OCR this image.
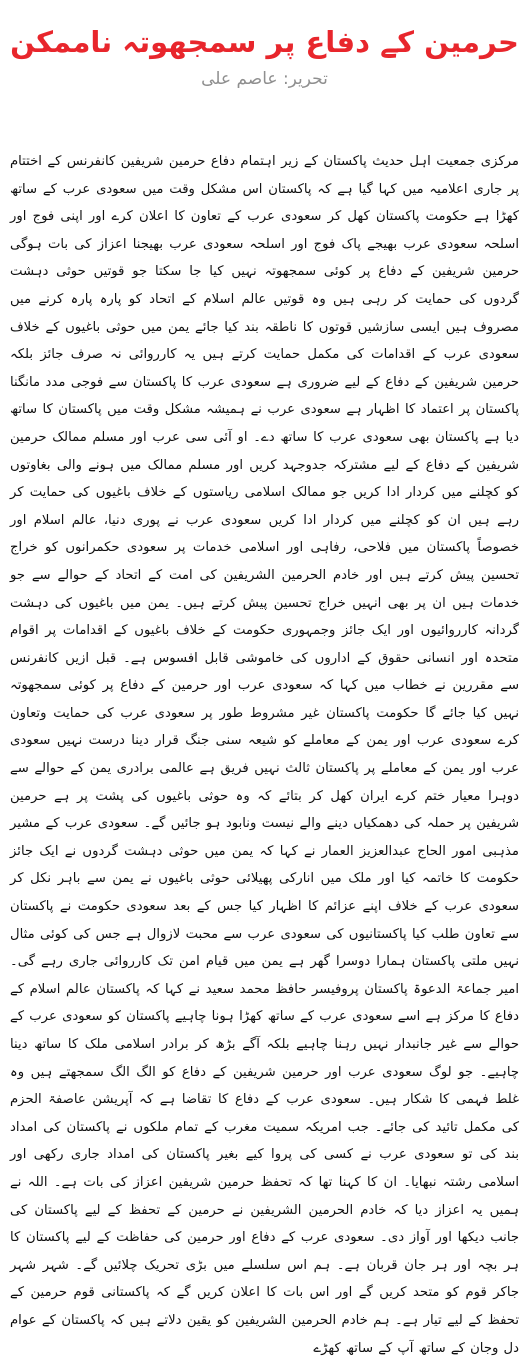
حرمین کے دفاع پر سمجھوتہ ناممکن
تحریر: عاصم علی

مرکزی جمعیت اہل حدیث پاکستان کے زیر اہتمام دفاع حرمین شریفین کانفرنس کے اختتام پر جاری اعلامیہ میں کہا گیا ہے کہ پاکستان اس مشکل وقت میں سعودی عرب کے ساتھ کھڑا ہے حکومت پاکستان کھل کر سعودی عرب کے تعاون کا اعلان کرے اور اپنی فوج اور اسلحہ سعودی عرب بھیجے پاک فوج اور اسلحہ سعودی عرب بھیجنا اعزاز کی بات ہوگی حرمین شریفین کے دفاع پر کوئی سمجھوتہ نہیں کیا جا سکتا جو قوتیں حوثی دہشت گردوں کی حمایت کر رہی ہیں وہ قوتیں عالم اسلام کے اتحاد کو پارہ پارہ کرنے میں مصروف ہیں ایسی سازشیں قوتوں کا ناطقہ بند کیا جائے یمن میں حوثی باغیوں کے خلاف سعودی عرب کے اقدامات کی مکمل حمایت کرتے ہیں یہ کارروائی نہ صرف جائز بلکہ حرمین شریفین کے دفاع کے لیے ضروری ہے سعودی عرب کا پاکستان سے فوجی مدد مانگنا پاکستان پر اعتماد کا اظہار ہے سعودی عرب نے ہمیشہ مشکل وقت میں پاکستان کا ساتھ دیا ہے پاکستان بھی سعودی عرب کا ساتھ دے۔ او آئی سی عرب اور مسلم ممالک حرمین شریفین کے دفاع کے لیے مشترکہ جدوجہد کریں اور مسلم ممالک میں ہونے والی بغاوتوں کو کچلنے میں کردار ادا کریں جو ممالک اسلامی ریاستوں کے خلاف باغیوں کی حمایت کر رہے ہیں ان کو کچلنے میں کردار ادا کریں سعودی عرب نے پوری دنیا، عالم اسلام اور خصوصاً پاکستان میں فلاحی، رفاہی اور اسلامی خدمات پر سعودی حکمرانوں کو خراج تحسین پیش کرتے ہیں اور خادم الحرمین الشریفین کی امت کے اتحاد کے حوالے سے جو خدمات ہیں ان پر بھی انہیں خراج تحسین پیش کرتے ہیں۔ یمن میں باغیوں کی دہشت گردانہ کارروائیوں اور ایک جائز وجمہوری حکومت کے خلاف باغیوں کے اقدامات پر اقوام متحدہ اور انسانی حقوق کے اداروں کی خاموشی قابل افسوس ہے۔ قبل ازیں کانفرنس سے مقررین نے خطاب میں کہا کہ سعودی عرب اور حرمین کے دفاع پر کوئی سمجھوتہ نہیں کیا جائے گا حکومت پاکستان غیر مشروط طور پر سعودی عرب کی حمایت وتعاون کرے سعودی عرب اور یمن کے معاملے کو شیعہ سنی جنگ قرار دینا درست نہیں سعودی عرب اور یمن کے معاملے پر پاکستان ثالث نہیں فریق ہے عالمی برادری یمن کے حوالے سے دوہرا معیار ختم کرے ایران کھل کر بتائے کہ وہ حوثی باغیوں کی پشت پر ہے حرمین شریفین پر حملہ کی دھمکیاں دینے والے نیست ونابود ہو جائیں گے۔ سعودی عرب کے مشیر مذہبی امور الحاج عبدالعزیز العمار نے کہا کہ یمن میں حوثی دہشت گردوں نے ایک جائز حکومت کا خاتمہ کیا اور ملک میں انارکی پھیلائی حوثی باغیوں نے یمن سے باہر نکل کر سعودی عرب کے خلاف اپنے عزائم کا اظہار کیا جس کے بعد سعودی حکومت نے پاکستان سے تعاون طلب کیا پاکستانیوں کی سعودی عرب سے محبت لازوال ہے جس کی کوئی مثال نہیں ملتی پاکستان ہمارا دوسرا گھر ہے یمن میں قیام امن تک کارروائی جاری رہے گی۔ امیر جماعۃ الدعوۃ پاکستان پروفیسر حافظ محمد سعید نے کہا کہ پاکستان عالم اسلام کے دفاع کا مرکز ہے اسے سعودی عرب کے ساتھ کھڑا ہونا چاہیے پاکستان کو سعودی عرب کے حوالے سے غیر جانبدار نہیں رہنا چاہیے بلکہ آگے بڑھ کر برادر اسلامی ملک کا ساتھ دینا چاہیے۔ جو لوگ سعودی عرب اور حرمین شریفین کے دفاع کو الگ الگ سمجھتے ہیں وہ غلط فہمی کا شکار ہیں۔ سعودی عرب کے دفاع کا تقاضا ہے کہ آپریشن عاصفۃ الحزم کی مکمل تائید کی جائے۔ جب امریکہ سمیت مغرب کے تمام ملکوں نے پاکستان کی امداد بند کی تو سعودی عرب نے کسی کی پروا کیے بغیر پاکستان کی امداد جاری رکھی اور اسلامی رشتہ نبھایا۔ ان کا کہنا تھا کہ تحفظ حرمین شریفین اعزاز کی بات ہے۔ اللہ نے ہمیں یہ اعزاز دیا کہ خادم الحرمین الشریفین نے حرمین کے تحفظ کے لیے پاکستان کی جانب دیکھا اور آواز دی۔ سعودی عرب کے دفاع اور حرمین کی حفاظت کے لیے پاکستان کا ہر بچہ اور ہر جان قربان ہے۔ ہم اس سلسلے میں بڑی تحریک چلائیں گے۔ شہر شہر جاکر قوم کو متحد کریں گے اور اس بات کا اعلان کریں گے کہ پاکستانی قوم حرمین کے تحفظ کے لیے تیار ہے۔ ہم خادم الحرمین الشریفین کو یقین دلاتے ہیں کہ پاکستان کے عوام دل وجان کے ساتھ آپ کے ساتھ کھڑے
